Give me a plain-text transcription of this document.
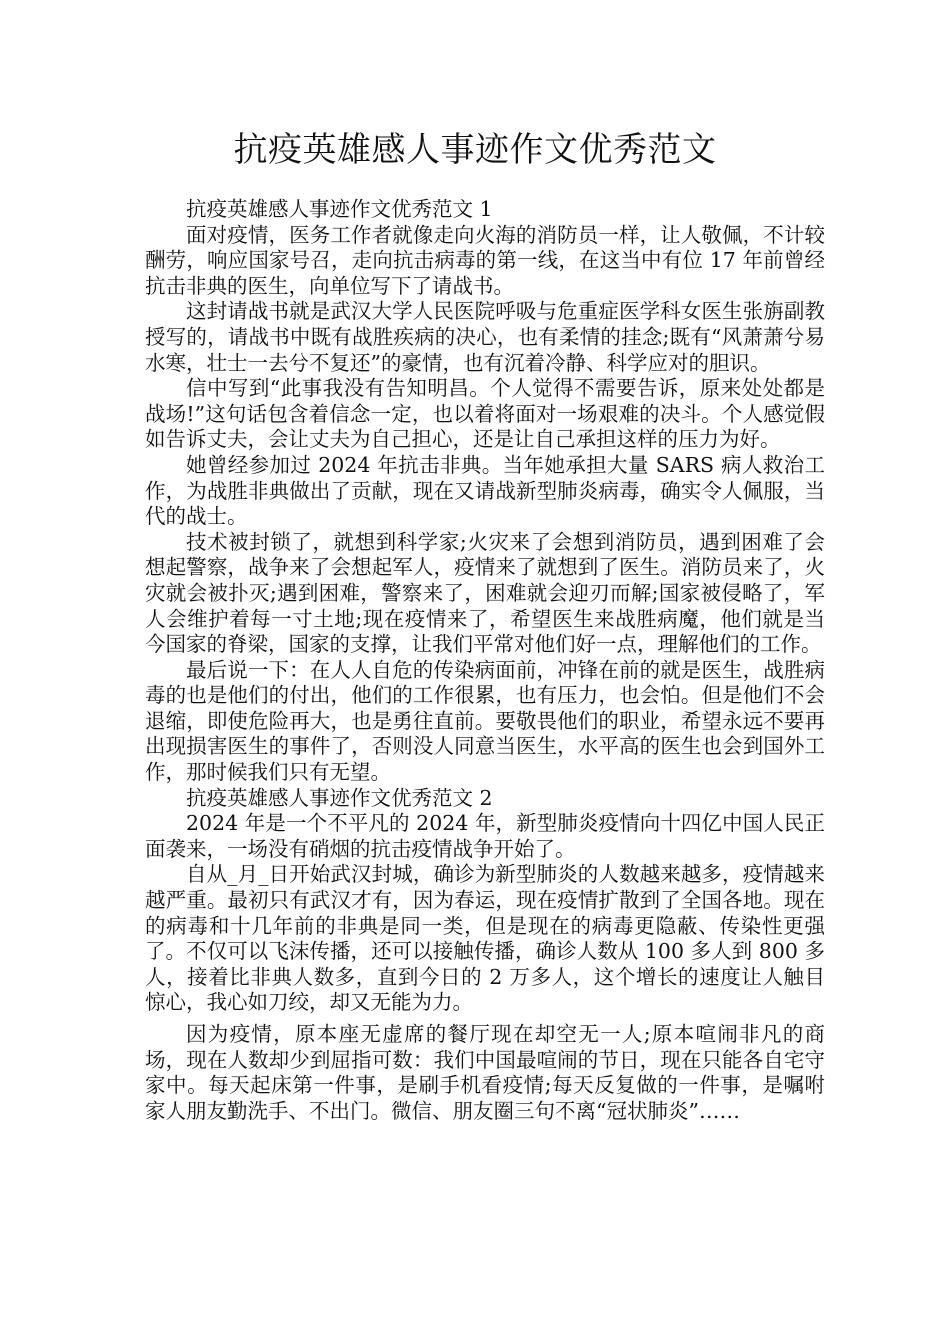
抗疫英雄感人事迹作文优秀范文

抗疫英雄感人事迹作文优秀范文 1

面对疫情，医务工作者就像走向火海的消防员一样，让人敬佩，不计较酬劳，响应国家号召，走向抗击病毒的第一线，在这当中有位 17 年前曾经抗击非典的医生，向单位写下了请战书。

这封请战书就是武汉大学人民医院呼吸与危重症医学科女医生张旃副教授写的，请战书中既有战胜疾病的决心，也有柔情的挂念;既有“风萧萧兮易水寒，壮士一去兮不复还”的豪情，也有沉着冷静、科学应对的胆识。

信中写到“此事我没有告知明昌。个人觉得不需要告诉，原来处处都是战场!”这句话包含着信念一定，也以着将面对一场艰难的决斗。个人感觉假如告诉丈夫，会让丈夫为自己担心，还是让自己承担这样的压力为好。

她曾经参加过 2024 年抗击非典。当年她承担大量 SARS 病人救治工作，为战胜非典做出了贡献，现在又请战新型肺炎病毒，确实令人佩服，当代的战士。

技术被封锁了，就想到科学家;火灾来了会想到消防员，遇到困难了会想起警察，战争来了会想起军人，疫情来了就想到了医生。消防员来了，火灾就会被扑灭;遇到困难，警察来了，困难就会迎刃而解;国家被侵略了，军人会维护着每一寸土地;现在疫情来了，希望医生来战胜病魔，他们就是当今国家的脊梁，国家的支撑，让我们平常对他们好一点，理解他们的工作。

最后说一下：在人人自危的传染病面前，冲锋在前的就是医生，战胜病毒的也是他们的付出，他们的工作很累，也有压力，也会怕。但是他们不会退缩，即使危险再大，也是勇往直前。要敬畏他们的职业，希望永远不要再出现损害医生的事件了，否则没人同意当医生，水平高的医生也会到国外工作，那时候我们只有无望。

抗疫英雄感人事迹作文优秀范文 2

2024 年是一个不平凡的 2024 年，新型肺炎疫情向十四亿中国人民正面袭来，一场没有硝烟的抗击疫情战争开始了。

自从_月_日开始武汉封城，确诊为新型肺炎的人数越来越多，疫情越来越严重。最初只有武汉才有，因为春运，现在疫情扩散到了全国各地。现在的病毒和十几年前的非典是同一类，但是现在的病毒更隐蔽、传染性更强了。不仅可以飞沫传播，还可以接触传播，确诊人数从 100 多人到 800 多人，接着比非典人数多，直到今日的 2 万多人，这个增长的速度让人触目惊心，我心如刀绞，却又无能为力。

因为疫情，原本座无虚席的餐厅现在却空无一人;原本喧闹非凡的商场，现在人数却少到屈指可数：我们中国最喧闹的节日，现在只能各自宅守家中。每天起床第一件事，是刷手机看疫情;每天反复做的一件事，是嘱咐家人朋友勤洗手、不出门。微信、朋友圈三句不离“冠状肺炎”……
